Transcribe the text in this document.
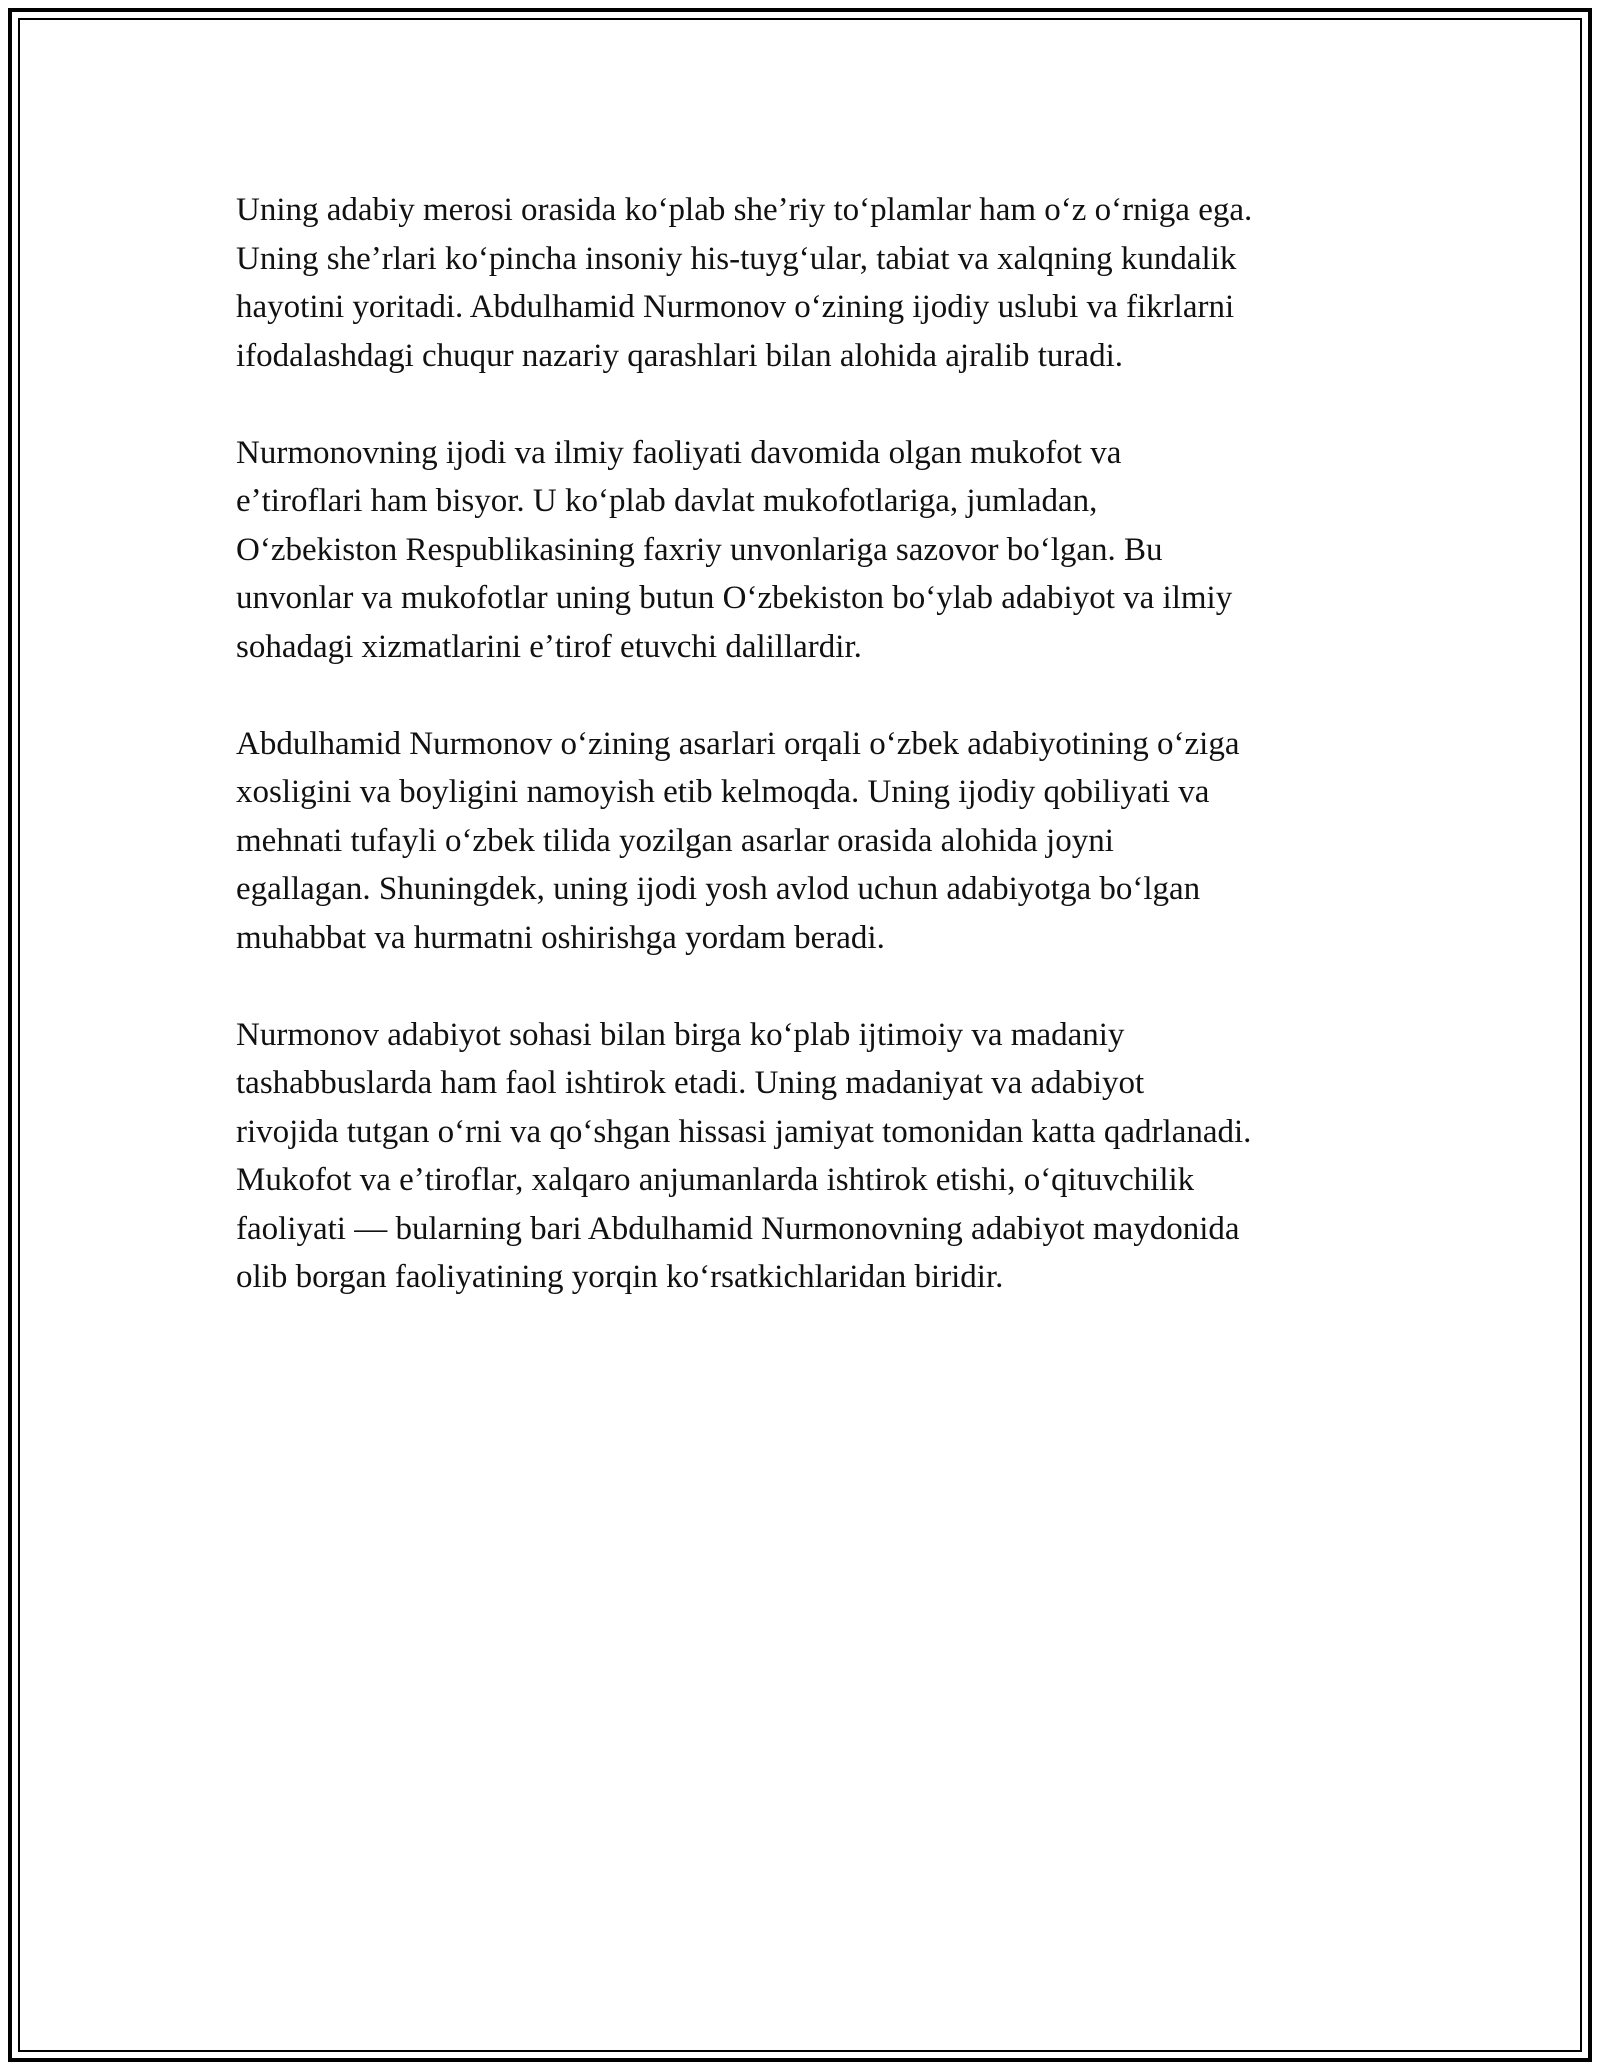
Uning adabiy merosi orasida koʻplab sheʼriy toʻplamlar ham oʻz oʻrniga ega.
Uning sheʼrlari koʻpincha insoniy his-tuygʻular, tabiat va xalqning kundalik
hayotini yoritadi. Abdulhamid Nurmonov oʻzining ijodiy uslubi va fikrlarni
ifodalashdagi chuqur nazariy qarashlari bilan alohida ajralib turadi.

Nurmonovning ijodi va ilmiy faoliyati davomida olgan mukofot va
eʼtiroflari ham bisyor. U koʻplab davlat mukofotlariga, jumladan,
Oʻzbekiston Respublikasining faxriy unvonlariga sazovor boʻlgan. Bu
unvonlar va mukofotlar uning butun Oʻzbekiston boʻylab adabiyot va ilmiy
sohadagi xizmatlarini eʼtirof etuvchi dalillardir.

Abdulhamid Nurmonov oʻzining asarlari orqali oʻzbek adabiyotining oʻziga
xosligini va boyligini namoyish etib kelmoqda. Uning ijodiy qobiliyati va
mehnati tufayli oʻzbek tilida yozilgan asarlar orasida alohida joyni
egallagan. Shuningdek, uning ijodi yosh avlod uchun adabiyotga boʻlgan
muhabbat va hurmatni oshirishga yordam beradi.

Nurmonov adabiyot sohasi bilan birga koʻplab ijtimoiy va madaniy
tashabbuslarda ham faol ishtirok etadi. Uning madaniyat va adabiyot
rivojida tutgan oʻrni va qoʻshgan hissasi jamiyat tomonidan katta qadrlanadi.
Mukofot va eʼtiroflar, xalqaro anjumanlarda ishtirok etishi, oʻqituvchilik
faoliyati — bularning bari Abdulhamid Nurmonovning adabiyot maydonida
olib borgan faoliyatining yorqin koʻrsatkichlaridan biridir.
